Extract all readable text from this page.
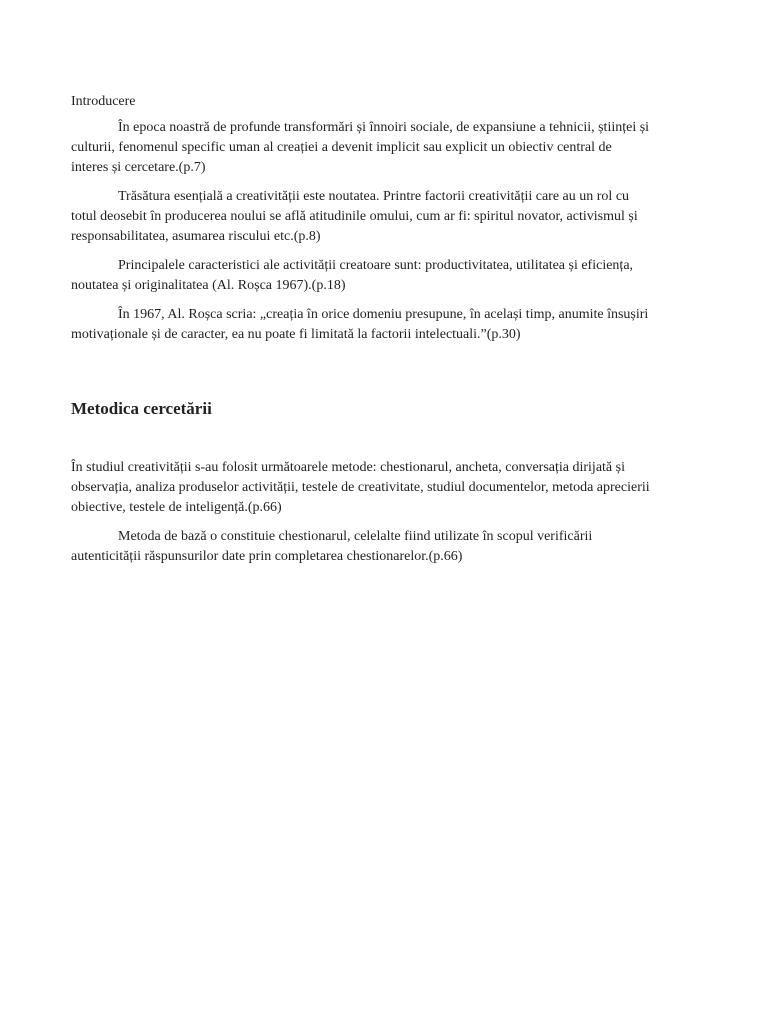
Introducere

În epoca noastră de profunde transformări și înnoiri sociale, de expansiune a tehnicii, științei și
culturii, fenomenul specific uman al creației a devenit implicit sau explicit un obiectiv central de
interes și cercetare.(p.7)

Trăsătura esențială a creativității este noutatea. Printre factorii creativității care au un rol cu
totul deosebit în producerea noului se află atitudinile omului, cum ar fi: spiritul novator, activismul și
responsabilitatea, asumarea riscului etc.(p.8)

Principalele caracteristici ale activității creatoare sunt: productivitatea, utilitatea și eficiența,
noutatea și originalitatea (Al. Roșca 1967).(p.18)

În 1967, Al. Roșca scria: „creația în orice domeniu presupune, în același timp, anumite însușiri
motivaționale și de caracter, ea nu poate fi limitată la factorii intelectuali.”(p.30)

Metodica cercetării

În studiul creativității s-au folosit următoarele metode: chestionarul, ancheta, conversația dirijată și
observația, analiza produselor activității, testele de creativitate, studiul documentelor, metoda aprecierii
obiective, testele de inteligență.(p.66)

Metoda de bază o constituie chestionarul, celelalte fiind utilizate în scopul verificării
autenticității răspunsurilor date prin completarea chestionarelor.(p.66)
